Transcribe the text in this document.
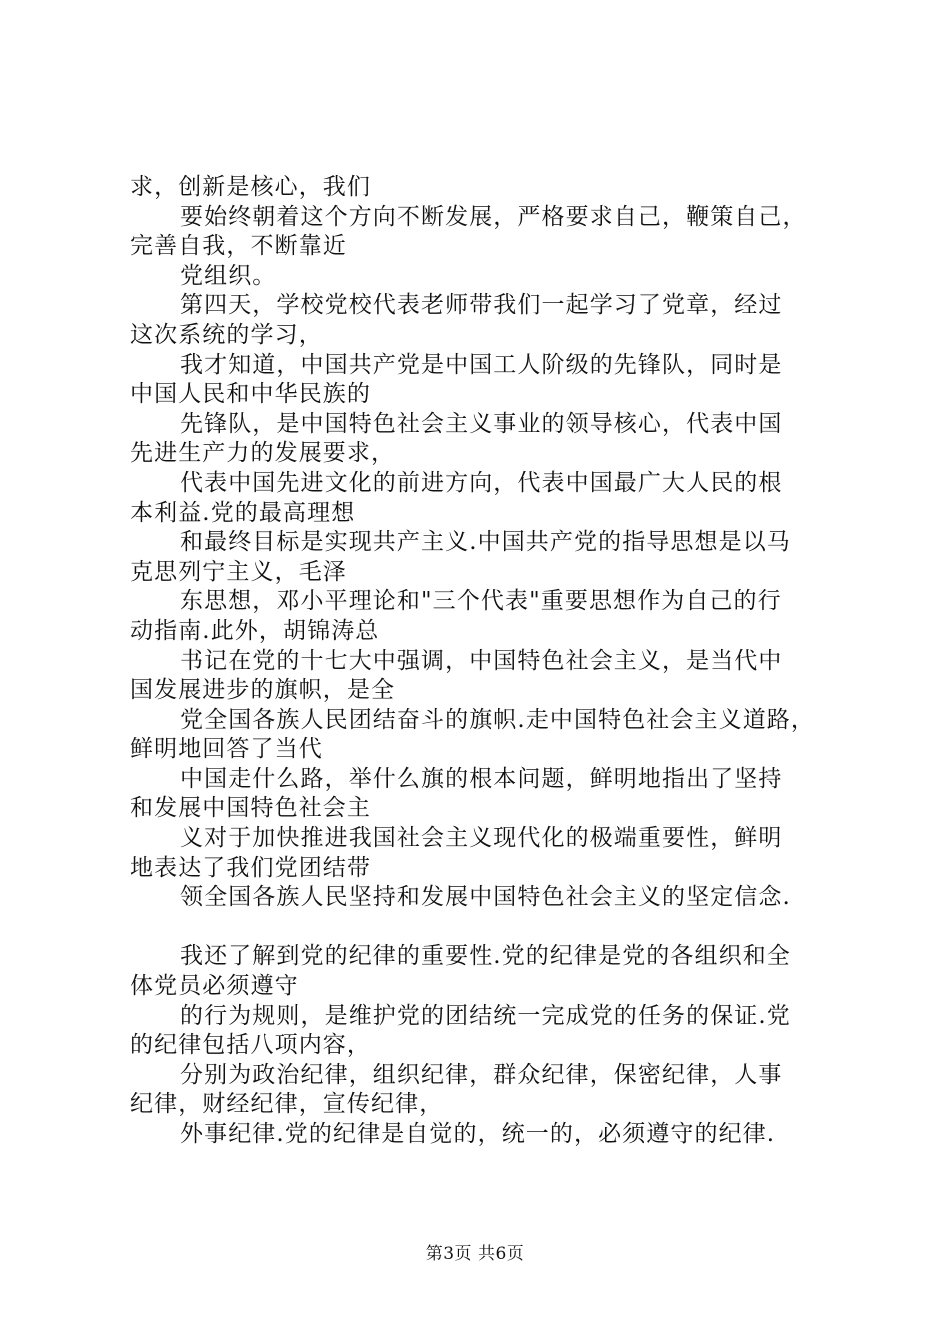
求，创新是核心，我们
要始终朝着这个方向不断发展，严格要求自己，鞭策自己，
完善自我，不断靠近
党组织。
第四天，学校党校代表老师带我们一起学习了党章，经过
这次系统的学习，
我才知道，中国共产党是中国工人阶级的先锋队，同时是
中国人民和中华民族的
先锋队，是中国特色社会主义事业的领导核心，代表中国
先进生产力的发展要求，
代表中国先进文化的前进方向，代表中国最广大人民的根
本利益.党的最高理想
和最终目标是实现共产主义.中国共产党的指导思想是以马
克思列宁主义，毛泽
东思想，邓小平理论和"三个代表"重要思想作为自己的行
动指南.此外，胡锦涛总
书记在党的十七大中强调，中国特色社会主义，是当代中
国发展进步的旗帜，是全
党全国各族人民团结奋斗的旗帜.走中国特色社会主义道路，
鲜明地回答了当代
中国走什么路，举什么旗的根本问题，鲜明地指出了坚持
和发展中国特色社会主
义对于加快推进我国社会主义现代化的极端重要性，鲜明
地表达了我们党团结带
领全国各族人民坚持和发展中国特色社会主义的坚定信念.
我还了解到党的纪律的重要性.党的纪律是党的各组织和全
体党员必须遵守
的行为规则，是维护党的团结统一完成党的任务的保证.党
的纪律包括八项内容，
分别为政治纪律，组织纪律，群众纪律，保密纪律，人事
纪律，财经纪律，宣传纪律，
外事纪律.党的纪律是自觉的，统一的，必须遵守的纪律.
第3页 共6页
